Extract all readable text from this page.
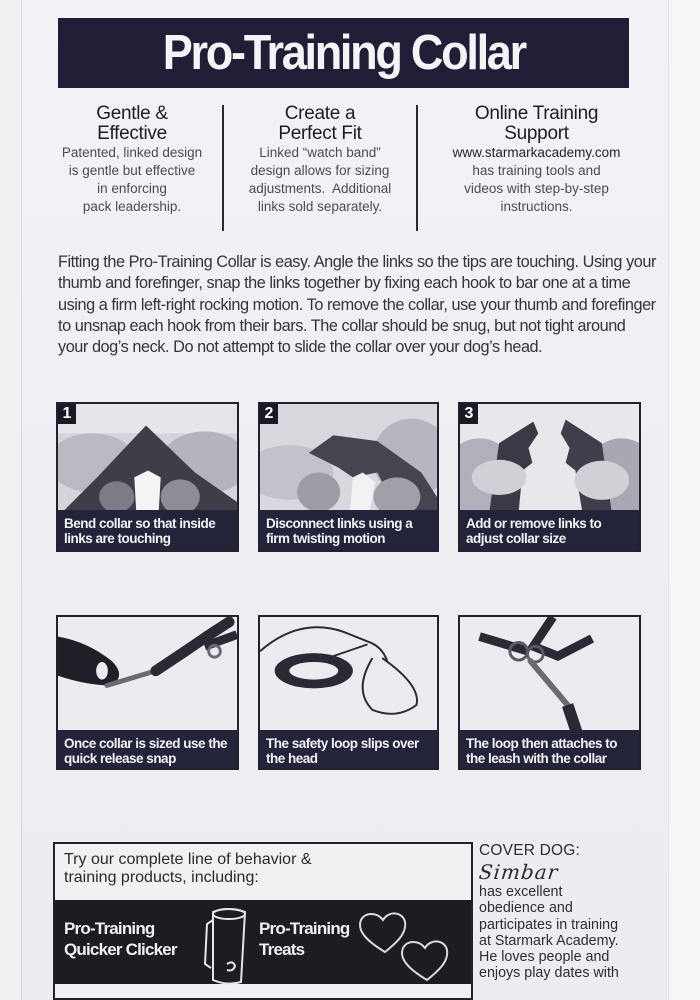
Pro-Training Collar
Gentle &
Effective

Patented, linked design
is gentle but effective
in enforcing
pack leadership.

Create a
Perfect Fit

Linked “watch band”
design allows for sizing
adjustments.  Additional
links sold separately.

Online Training
Support

www.starmarkacademy.com
has training tools and
videos with step-by-step
instructions.

Fitting the Pro-Training Collar is easy. Angle the links so the tips are touching. Using your thumb and forefinger, snap the links together by fixing each hook to bar one at a time using a firm left-right rocking motion. To remove the collar, use your thumb and forefinger to unsnap each hook from their bars. The collar should be snug, but not tight around your dog’s neck. Do not attempt to slide the collar over your dog’s head.

1
Bend collar so that inside links are touching
2
Disconnect links using a firm twisting motion
3
Add or remove links to adjust collar size
Once collar is sized use the quick release snap
The safety loop slips over the head
The loop then attaches to the leash with the collar
Try our complete line of behavior &
training products, including:
Pro-Training
Quicker Clicker
Pro-Training
Treats
COVER DOG:
Simbar
has excellent
obedience and
participates in training
at Starmark Academy.
He loves people and
enjoys play dates with
